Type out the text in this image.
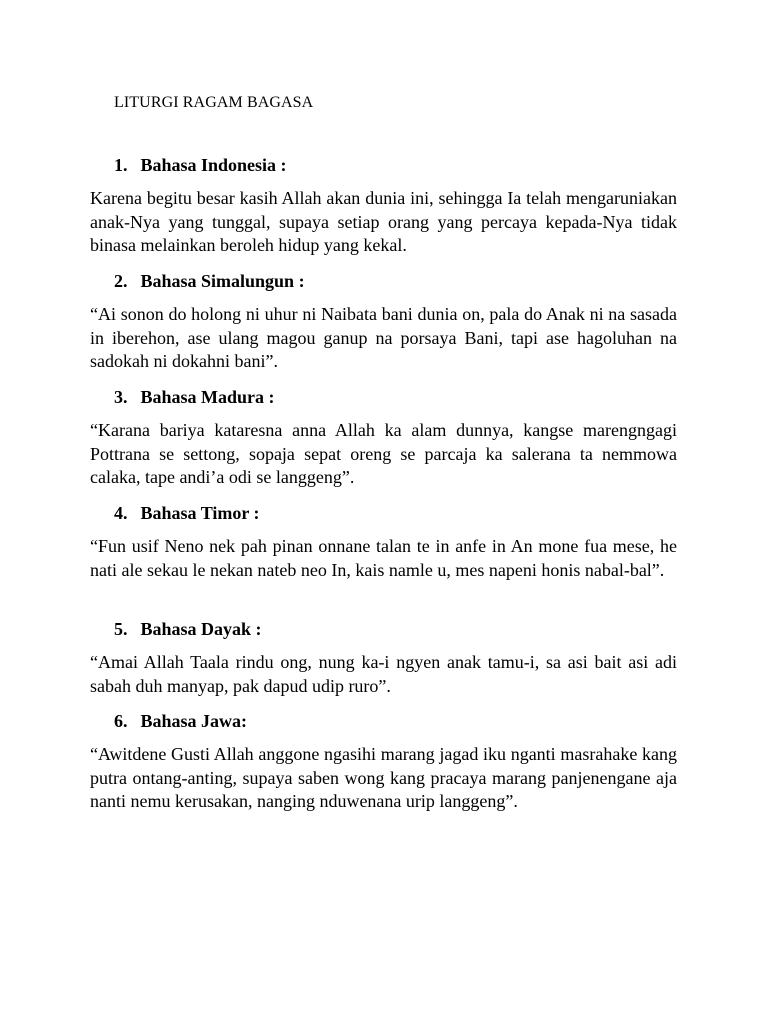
LITURGI RAGAM BAGASA
1. Bahasa Indonesia :
Karena begitu besar kasih Allah akan dunia ini, sehingga Ia telah mengaruniakan anak-Nya yang tunggal, supaya setiap orang yang percaya kepada-Nya tidak binasa melainkan beroleh hidup yang kekal.
2. Bahasa Simalungun :
“Ai sonon do holong ni uhur ni Naibata bani dunia on, pala do Anak ni na sasada in iberehon, ase ulang magou ganup na porsaya Bani, tapi ase hagoluhan na sadokah ni dokahni bani”.
3. Bahasa Madura :
“Karana bariya kataresna anna Allah ka alam dunnya, kangse marengngagi Pottrana se settong, sopaja sepat oreng se parcaja ka salerana ta nemmowa calaka, tape andi’a odi se langgeng”.
4. Bahasa Timor :
“Fun usif Neno nek pah pinan onnane talan te in anfe in An mone fua mese, he nati ale sekau le nekan nateb neo In, kais namle u, mes napeni honis nabal-bal”.
5. Bahasa Dayak :
“Amai Allah Taala rindu ong, nung ka-i ngyen anak tamu-i, sa asi bait asi adi sabah duh manyap, pak dapud udip ruro”.
6. Bahasa Jawa:
“Awitdene Gusti Allah anggone ngasihi marang jagad iku nganti masrahake kang putra ontang-anting, supaya saben wong kang pracaya marang panjenengane aja nanti nemu kerusakan, nanging nduwenana urip langgeng”.
